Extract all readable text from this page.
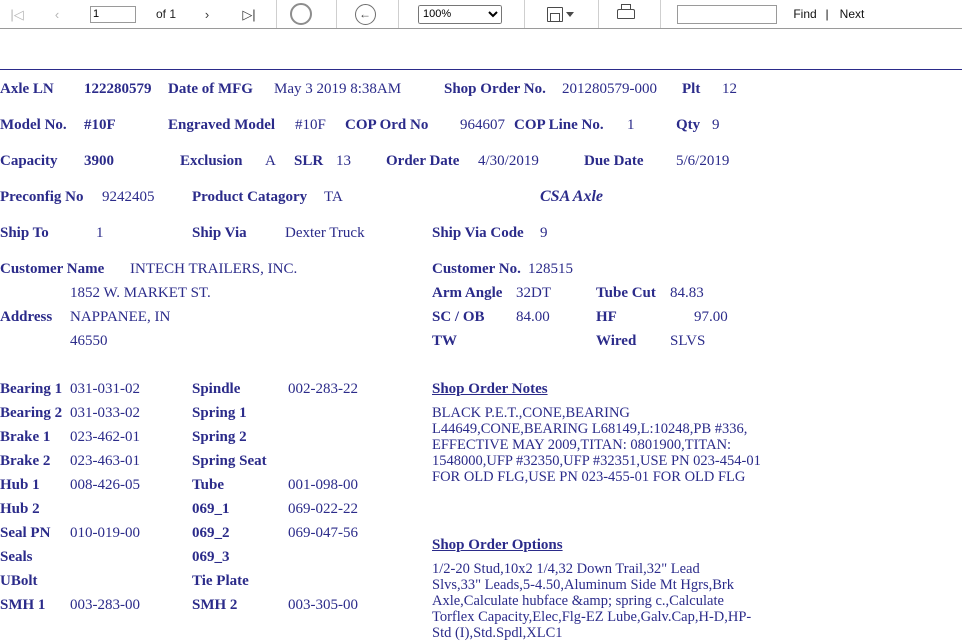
|◁ ‹
1	of 1 ›	▷|	←
100%	Find | Next
Axle LN 122280579 Date of MFG May 3 2019 8:38AM	Shop Order No. 201280579-000 Plt 12
Model No. #10F	Engraved Model #10F COP Ord No 964607 COP Line No. 1	Qty 9
Capacity 3900	Exclusion A SLR 13 Order Date 4/30/2019	Due Date 5/6/2019
Preconfig No 9242405	Product Catagory TA	CSA Axle
Ship To	1	Ship Via	Dexter Truck	Ship Via Code 9
Customer Name INTECH TRAILERS, INC.
1852 W. MARKET ST.
Address NAPPANEE, IN
46550
Customer No. 128515
Arm Angle 32DT	Tube Cut 84.83
SC / OB 84.00	HF	97.00
TW	Wired SLVS
Bearing 1 031-031-02
Bearing 2 031-033-02
Brake 1 023-462-01
Brake 2 023-463-01
Hub 1 008-426-05
Hub 2
Seal PN 010-019-00
Seals
UBolt
SMH 1 003-283-00
Spindle	002-283-22
Spring 1
Spring 2
Spring Seat
Tube	001-098-00
069_1	069-022-22
069_2	069-047-56
069_3
Tie Plate
SMH 2	003-305-00
Shop Order Notes
BLACK P.E.T.,CONE,BEARING L44649,CONE,BEARING L68149,L:10248,PB #336, EFFECTIVE MAY 2009,TITAN: 0801900,TITAN: 1548000,UFP #32350,UFP #32351,USE PN 023-454-01 FOR OLD FLG,USE PN 023-455-01 FOR OLD FLG
Shop Order Options
1/2-20 Stud,10x2 1/4,32 Down Trail,32" Lead Slvs,33" Leads,5-4.50,Aluminum Side Mt Hgrs,Brk Axle,Calculate hubface &amp; spring c.,Calculate Torflex Capacity,Elec,Flg-EZ Lube,Galv.Cap,H-D,HP-Std (I),Std.Spdl,XLC1
